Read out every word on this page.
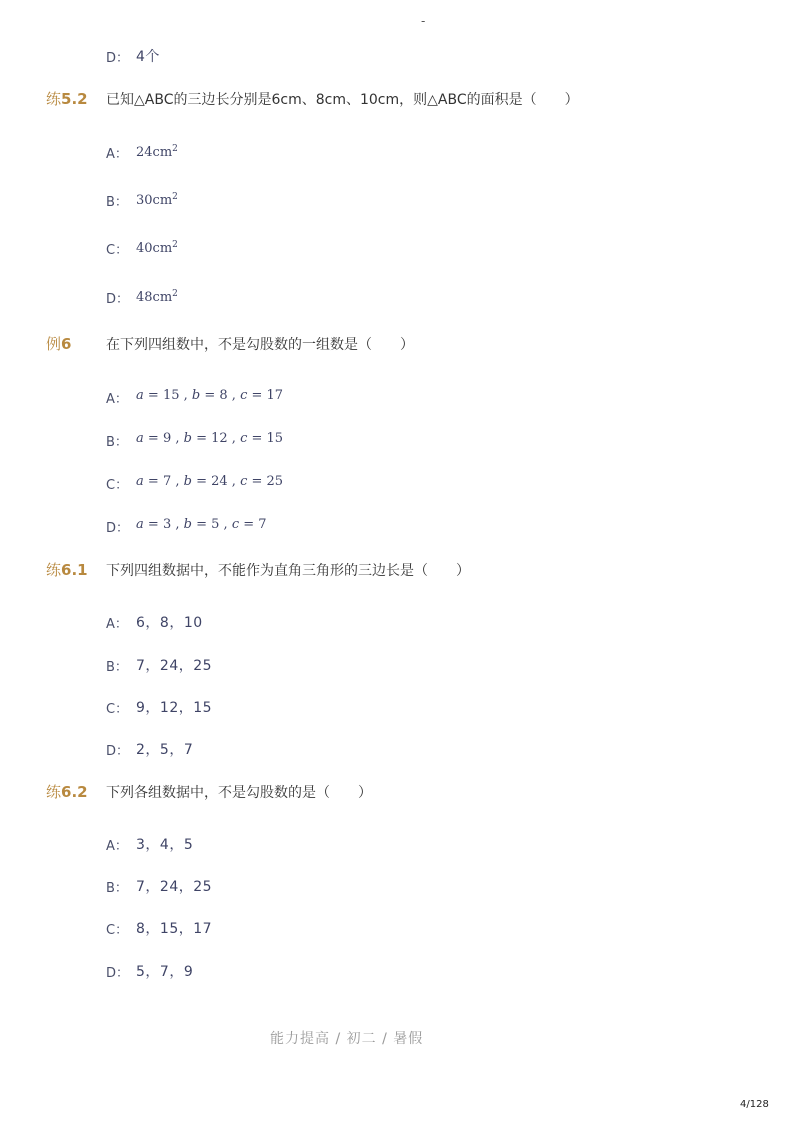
-
D： 4个
练5.2 已知△ABC的三边长分别是6cm、8cm、10cm，则△ABC的面积是（　　）
A： $24cm^2$
B： $30cm^2$
C： $40cm^2$
D： $48cm^2$
例6 在下列四组数中，不是勾股数的一组数是（　　）
A： a = 15 , b = 8 , c = 17
B： a = 9 , b = 12 , c = 15
C： a = 7 , b = 24 , c = 25
D： a = 3 , b = 5 , c = 7
练6.1 下列四组数据中，不能作为直角三角形的三边长是（　　）
A： 6，8，10
B： 7，24，25
C： 9，12，15
D： 2，5，7
练6.2 下列各组数据中，不是勾股数的是（　　）
A： 3，4，5
B： 7，24，25
C： 8，15，17
D： 5，7，9
能力提高 / 初二 / 暑假
4/128
